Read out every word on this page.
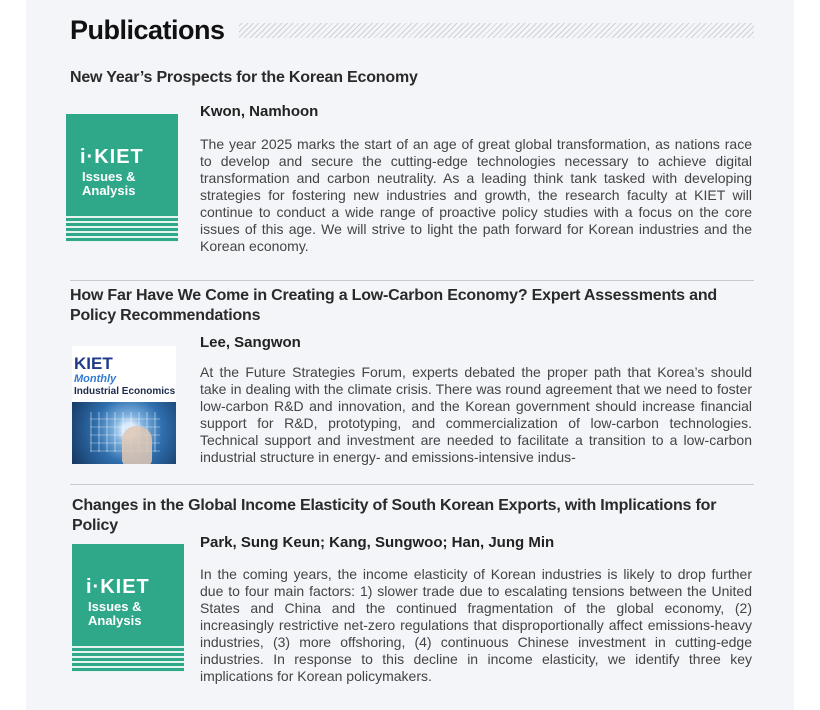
Publications

New Year’s Prospects for the Korean Economy

Kwon, Namhoon
i·KIET
Issues & Analysis
The year 2025 marks the start of an age of great global transformation, as nations race to develop and secure the cutting-edge technologies necessary to achieve digital transformation and carbon neutrality. As a leading think tank tasked with developing strategies for fostering new industries and growth, the research faculty at KIET will continue to conduct a wide range of proactive policy studies with a focus on the core issues of this age. We will strive to light the path forward for Korean industries and the Korean economy.

How Far Have We Come in Creating a Low-Carbon Economy? Expert Assessments and Policy Recommendations

Lee, Sangwon
KIET
Monthly
Industrial Economics
At the Future Strategies Forum, experts debated the proper path that Korea’s should take in dealing with the climate crisis. There was round agreement that we need to foster low-carbon R&D and innovation, and the Korean government should increase financial support for R&D, prototyping, and commercialization of low-carbon technologies. Technical support and investment are needed to facilitate a transition to a low-carbon industrial structure in energy- and emissions-intensive indus-

Changes in the Global Income Elasticity of South Korean Exports, with Implications for Policy

Park, Sung Keun; Kang, Sungwoo; Han, Jung Min
i·KIET
Issues & Analysis
In the coming years, the income elasticity of Korean industries is likely to drop further due to four main factors: 1) slower trade due to escalating tensions between the United States and China and the continued fragmentation of the global economy, (2) increasingly restrictive net-zero regulations that disproportionally affect emissions-heavy industries, (3) more offshoring, (4) continuous Chinese investment in cutting-edge industries. In response to this decline in income elasticity, we identify three key implications for Korean policymakers.
